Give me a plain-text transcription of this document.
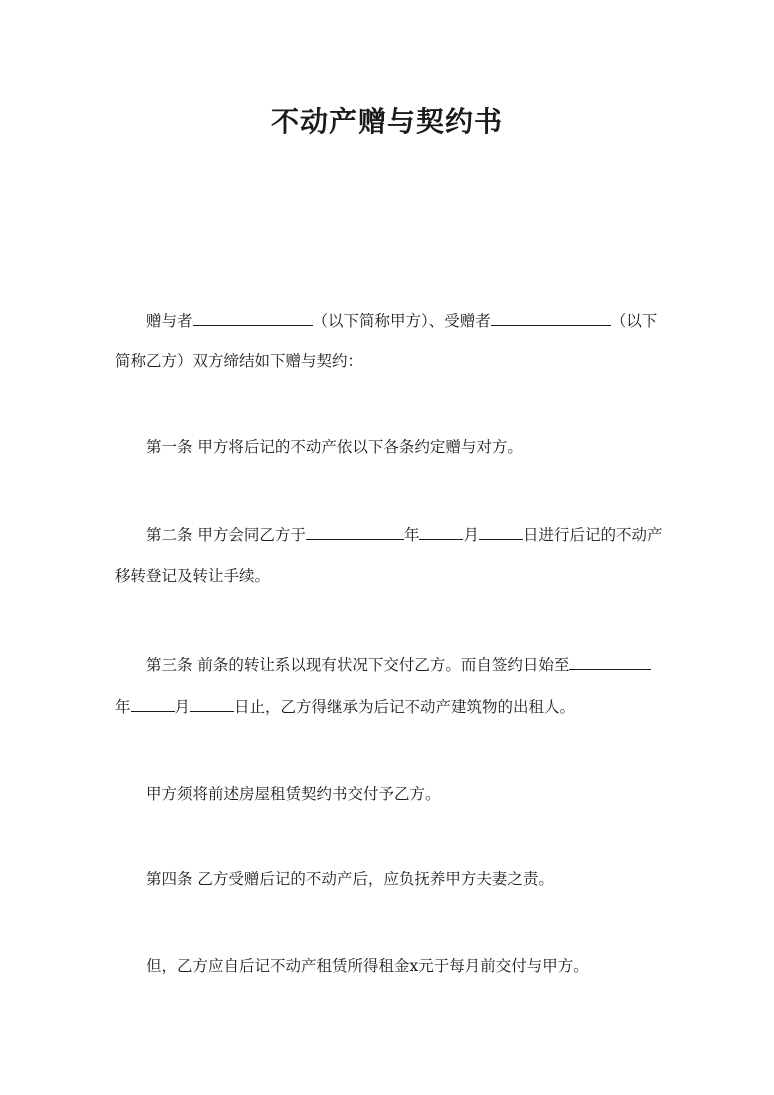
不动产赠与契约书
赠与者	（以下简称甲方）、受赠者	（以下
简称乙方）双方缔结如下赠与契约：
第一条 甲方将后记的不动产依以下各条约定赠与对方。
第二条 甲方会同乙方于	年	月	日进行后记的不动产
移转登记及转让手续。
第三条 前条的转让系以现有状况下交付乙方。而自签约日始至
年	月	日止，乙方得继承为后记不动产建筑物的出租人。
甲方须将前述房屋租赁契约书交付予乙方。
第四条 乙方受赠后记的不动产后，应负抚养甲方夫妻之责。
但，乙方应自后记不动产租赁所得租金x元于每月前交付与甲方。
